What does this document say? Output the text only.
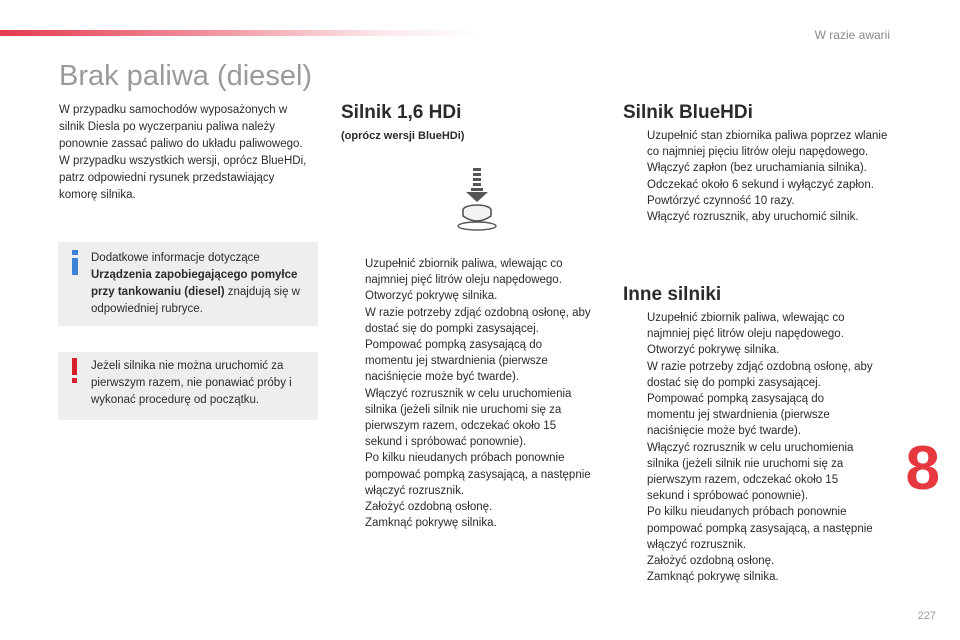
W razie awarii
Brak paliwa (diesel)

W przypadku samochodów wyposażonych w silnik Diesla po wyczerpaniu paliwa należy ponownie zassać paliwo do układu paliwowego.

W przypadku wszystkich wersji, oprócz BlueHDi, patrz odpowiedni rysunek przedstawiający komorę silnika.

Dodatkowe informacje dotyczące Urządzenia zapobiegającego pomyłce przy tankowaniu (diesel) znajdują się w odpowiedniej rubryce.
Jeżeli silnika nie można uruchomić za pierwszym razem, nie ponawiać próby i wykonać procedurę od początku.
Silnik 1,6 HDi
(oprócz wersji BlueHDi)
Uzupełnić zbiornik paliwa, wlewając co najmniej pięć litrów oleju napędowego.
Otworzyć pokrywę silnika.
W razie potrzeby zdjąć ozdobną osłonę, aby dostać się do pompki zasysającej.
Pompować pompką zasysającą do momentu jej stwardnienia (pierwsze naciśnięcie może być twarde).
Włączyć rozrusznik w celu uruchomienia silnika (jeżeli silnik nie uruchomi się za pierwszym razem, odczekać około 15 sekund i spróbować ponownie).
Po kilku nieudanych próbach ponownie pompować pompką zasysającą, a następnie włączyć rozrusznik.
Założyć ozdobną osłonę.
Zamknąć pokrywę silnika.
Silnik BlueHDi
Uzupełnić stan zbiornika paliwa poprzez wlanie co najmniej pięciu litrów oleju napędowego.
Włączyć zapłon (bez uruchamiania silnika).
Odczekać około 6 sekund i wyłączyć zapłon.
Powtórzyć czynność 10 razy.
Włączyć rozrusznik, aby uruchomić silnik.
Inne silniki
Uzupełnić zbiornik paliwa, wlewając co najmniej pięć litrów oleju napędowego.
Otworzyć pokrywę silnika.
W razie potrzeby zdjąć ozdobną osłonę, aby dostać się do pompki zasysającej.
Pompować pompką zasysającą do momentu jej stwardnienia (pierwsze naciśnięcie może być twarde).
Włączyć rozrusznik w celu uruchomienia silnika (jeżeli silnik nie uruchomi się za pierwszym razem, odczekać około 15 sekund i spróbować ponownie).
Po kilku nieudanych próbach ponownie pompować pompką zasysającą, a następnie włączyć rozrusznik.
Założyć ozdobną osłonę.
Zamknąć pokrywę silnika.
8
227
